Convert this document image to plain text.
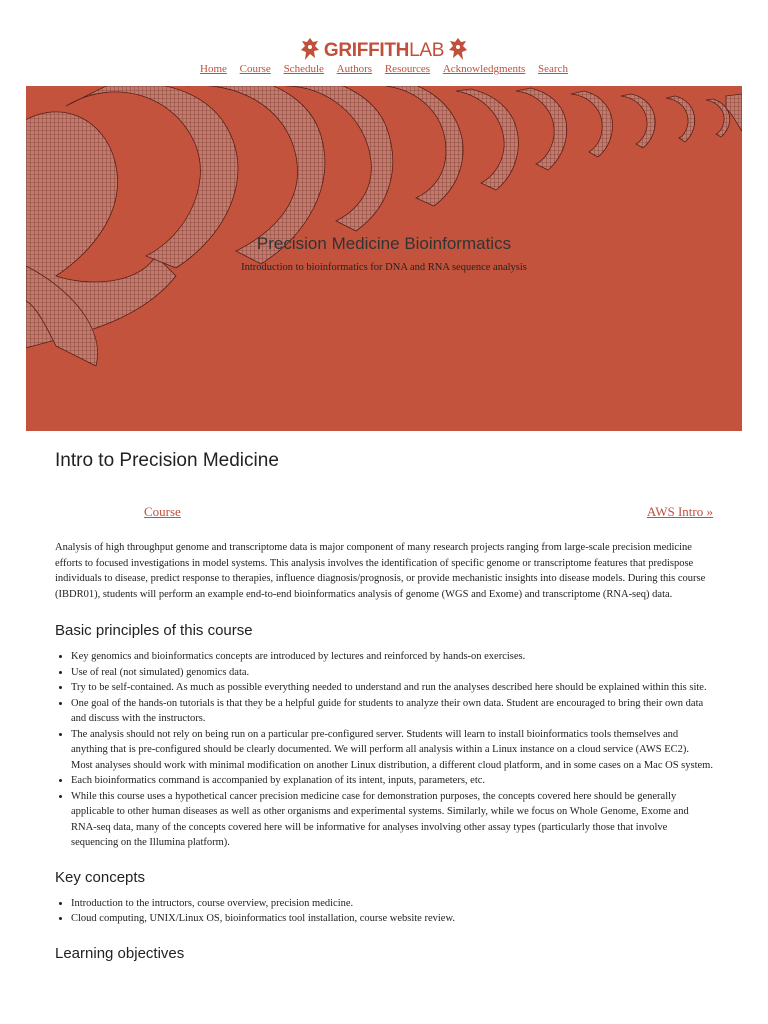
GRIFFITHLAB
Home Course Schedule Authors Resources Acknowledgments Search
Precision Medicine Bioinformatics
Introduction to bioinformatics for DNA and RNA sequence analysis
Intro to Precision Medicine
Course	AWS Intro »

Analysis of high throughput genome and transcriptome data is major component of many research projects ranging from large-scale precision medicine efforts to focused investigations in model systems. This analysis involves the identification of specific genome or transcriptome features that predispose individuals to disease, predict response to therapies, influence diagnosis/prognosis, or provide mechanistic insights into disease models. During this course (IBDR01), students will perform an example end-to-end bioinformatics analysis of genome (WGS and Exome) and transcriptome (RNA-seq) data.

Basic principles of this course
• Key genomics and bioinformatics concepts are introduced by lectures and reinforced by hands-on exercises.
• Use of real (not simulated) genomics data.
• Try to be self-contained. As much as possible everything needed to understand and run the analyses described here should be explained within this site.
• One goal of the hands-on tutorials is that they be a helpful guide for students to analyze their own data. Student are encouraged to bring their own data and discuss with the instructors.
• The analysis should not rely on being run on a particular pre-configured server. Students will learn to install bioinformatics tools themselves and anything that is pre-configured should be clearly documented. We will perform all analysis within a Linux instance on a cloud service (AWS EC2). Most analyses should work with minimal modification on another Linux distribution, a different cloud platform, and in some cases on a Mac OS system.
• Each bioinformatics command is accompanied by explanation of its intent, inputs, parameters, etc.
• While this course uses a hypothetical cancer precision medicine case for demonstration purposes, the concepts covered here should be generally applicable to other human diseases as well as other organisms and experimental systems. Similarly, while we focus on Whole Genome, Exome and RNA-seq data, many of the concepts covered here will be informative for analyses involving other assay types (particularly those that involve sequencing on the Illumina platform).
Key concepts
• Introduction to the intructors, course overview, precision medicine.
• Cloud computing, UNIX/Linux OS, bioinformatics tool installation, course website review.
Learning objectives
